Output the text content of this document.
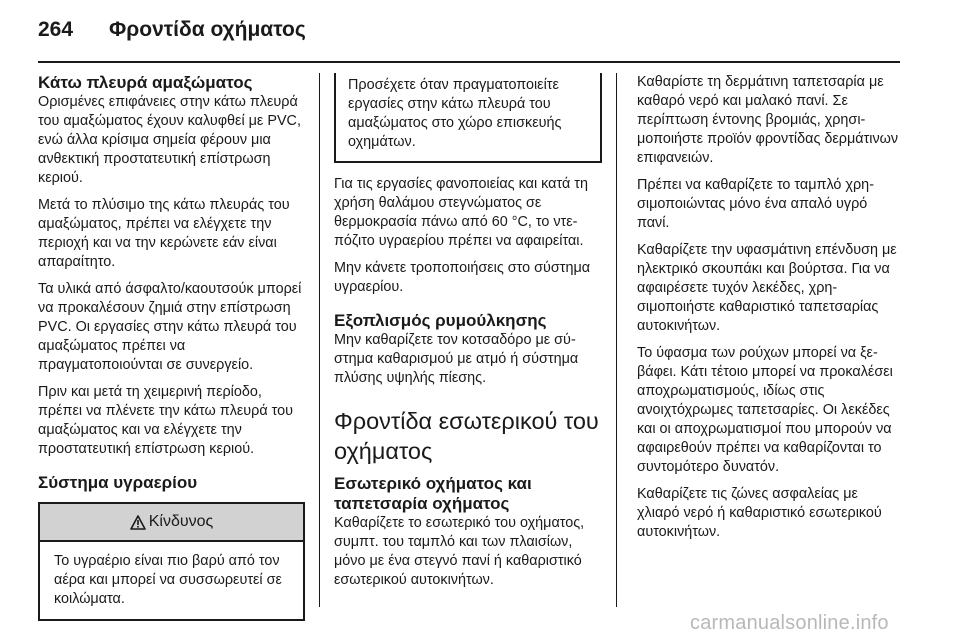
264 Φροντίδα οχήματος
Κάτω πλευρά αμαξώματος

Ορισμένες επιφάνειες στην κάτω πλευρά του αμαξώματος έχουν καλυφθεί με PVC, ενώ άλλα κρίσιμα σημεία φέρουν μια ανθεκτική προστατευτική επίστρωση κεριού.

Μετά το πλύσιμο της κάτω πλευράς του αμαξώματος, πρέπει να ελέγχετε την περιοχή και να την κερώνετε εάν είναι απαραίτητο.

Τα υλικά από άσφαλτο/καουτσούκ μπορεί να προκαλέσουν ζημιά στην επίστρωση PVC. Οι εργασίες στην κάτω πλευρά του αμαξώματος πρέπει να πραγματοποιούνται σε συνεργείο.

Πριν και μετά τη χειμερινή περίοδο, πρέπει να πλένετε την κάτω πλευρά του αμαξώματος και να ελέγχετε την προστατευτική επίστρωση κεριού.

Σύστημα υγραερίου
Κίνδυνος
Το υγραέριο είναι πιο βαρύ από τον αέρα και μπορεί να συσσωρευτεί σε κοιλώματα.
Προσέχετε όταν πραγματοποιείτε εργασίες στην κάτω πλευρά του αμαξώματος στο χώρο επισκευής οχημάτων.

Για τις εργασίες φανοποιείας και κατά τη χρήση θαλάμου στεγνώματος σε θερμοκρασία πάνω από 60 °C, το ντεπόζιτο υγραερίου πρέπει να αφαιρείται.

Μην κάνετε τροποποιήσεις στο σύστημα υγραερίου.

Εξοπλισμός ρυμούλκησης

Μην καθαρίζετε τον κοτσαδόρο με σύστημα καθαρισμού με ατμό ή σύστημα πλύσης υψηλής πίεσης.

Φροντίδα εσωτερικού του οχήματος
Εσωτερικό οχήματος και ταπετσαρία οχήματος

Καθαρίζετε το εσωτερικό του οχήματος, συμπτ. του ταμπλό και των πλαισίων, μόνο με ένα στεγνό πανί ή καθαριστικό εσωτερικού αυτοκινήτων.

Καθαρίστε τη δερμάτινη ταπετσαρία με καθαρό νερό και μαλακό πανί. Σε περίπτωση έντονης βρομιάς, χρησιμοποιήστε προϊόν φροντίδας δερμάτινων επιφανειών.

Πρέπει να καθαρίζετε το ταμπλό χρησιμοποιώντας μόνο ένα απαλό υγρό πανί.

Καθαρίζετε την υφασμάτινη επένδυση με ηλεκτρικό σκουπάκι και βούρτσα. Για να αφαιρέσετε τυχόν λεκέδες, χρησιμοποιήστε καθαριστικό ταπετσαρίας αυτοκινήτων.

Το ύφασμα των ρούχων μπορεί να ξεβάφει. Κάτι τέτοιο μπορεί να προκαλέσει αποχρωματισμούς, ιδίως στις ανοιχτόχρωμες ταπετσαρίες. Οι λεκέδες και οι αποχρωματισμοί που μπορούν να αφαιρεθούν πρέπει να καθαρίζονται το συντομότερο δυνατόν.

Καθαρίζετε τις ζώνες ασφαλείας με χλιαρό νερό ή καθαριστικό εσωτερικού αυτοκινήτων.

carmanualsonline.info
